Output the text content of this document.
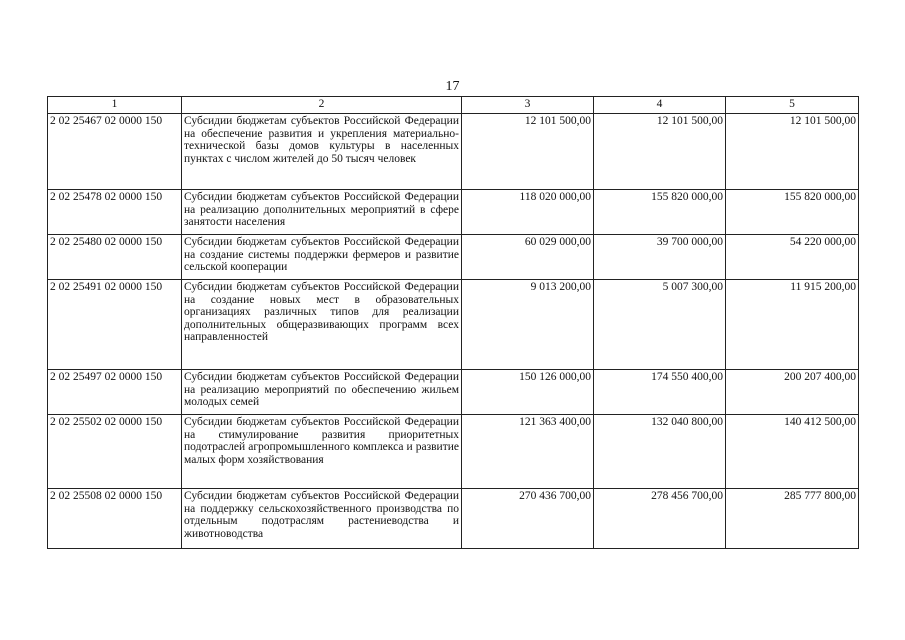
17
1	2	3	4	5
2 02 25467 02 0000 150	Субсидии бюджетам субъектов Российской Федерации на обеспечение развития и укрепления материально-технической базы домов культуры в населенных пунктах с числом жителей до 50 тысяч человек	12 101 500,00	12 101 500,00	12 101 500,00
2 02 25478 02 0000 150	Субсидии бюджетам субъектов Российской Федерации на реализацию дополнительных мероприятий в сфере занятости населения	118 020 000,00	155 820 000,00	155 820 000,00
2 02 25480 02 0000 150	Субсидии бюджетам субъектов Российской Федерации на создание системы поддержки фермеров и развитие сельской кооперации	60 029 000,00	39 700 000,00	54 220 000,00
2 02 25491 02 0000 150	Субсидии бюджетам субъектов Российской Федерации на создание новых мест в образовательных организациях различных типов для реализации дополнительных общеразвивающих программ всех направленностей	9 013 200,00	5 007 300,00	11 915 200,00
2 02 25497 02 0000 150	Субсидии бюджетам субъектов Российской Федерации на реализацию мероприятий по обеспечению жильем молодых семей	150 126 000,00	174 550 400,00	200 207 400,00
2 02 25502 02 0000 150	Субсидии бюджетам субъектов Российской Федерации на стимулирование развития приоритетных подотраслей агропромышленного комплекса и развитие малых форм хозяйствования	121 363 400,00	132 040 800,00	140 412 500,00
2 02 25508 02 0000 150	Субсидии бюджетам субъектов Российской Федерации на поддержку сельскохозяйственного производства по отдельным подотраслям растениеводства и животноводства	270 436 700,00	278 456 700,00	285 777 800,00
